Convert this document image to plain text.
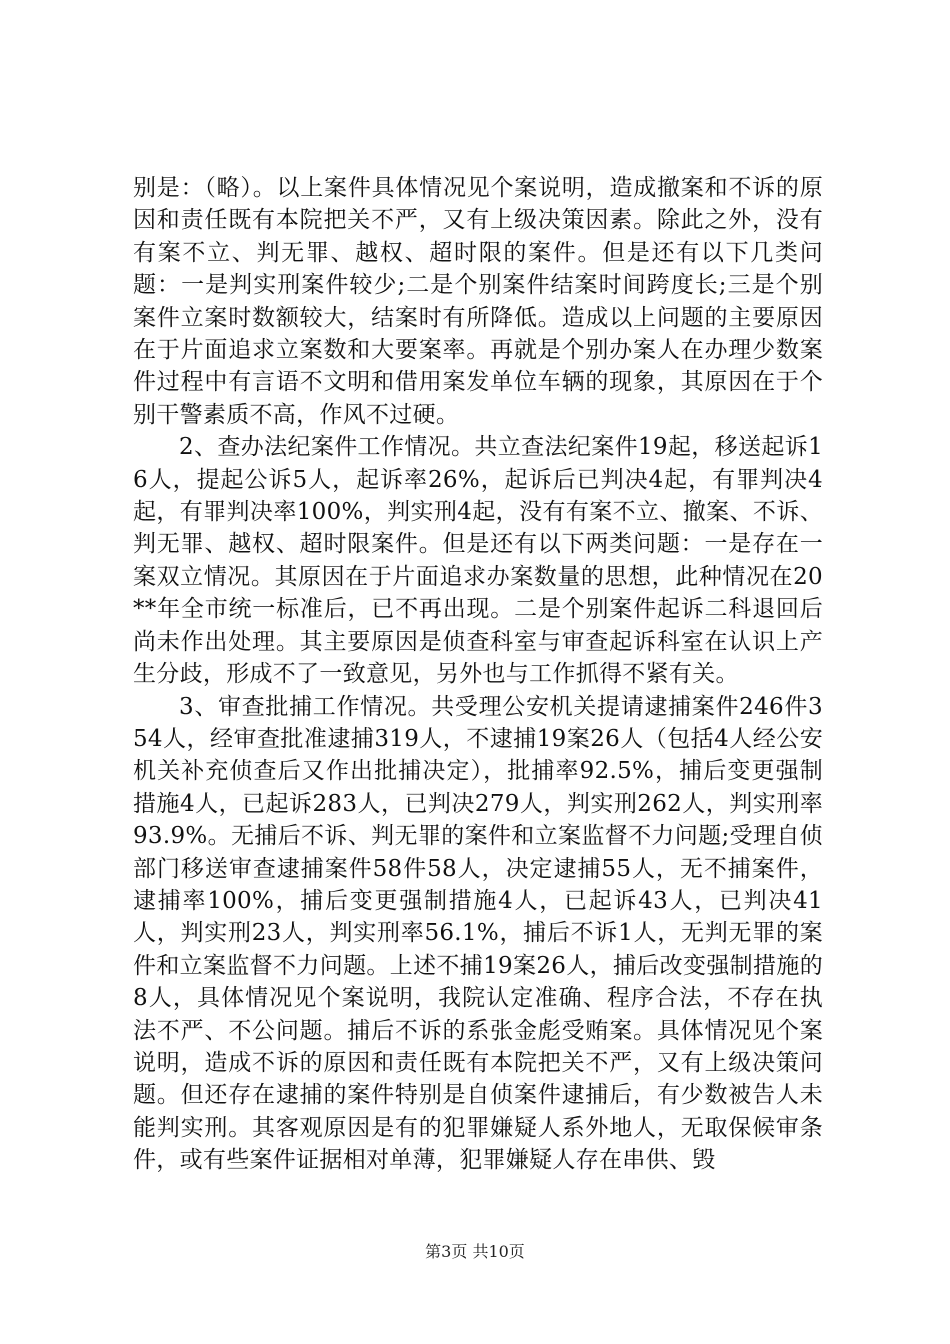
别是：（略）。以上案件具体情况见个案说明，造成撤案和不诉的原因和责任既有本院把关不严，又有上级决策因素。除此之外，没有有案不立、判无罪、越权、超时限的案件。但是还有以下几类问题：一是判实刑案件较少;二是个别案件结案时间跨度长;三是个别案件立案时数额较大，结案时有所降低。造成以上问题的主要原因在于片面追求立案数和大要案率。再就是个别办案人在办理少数案件过程中有言语不文明和借用案发单位车辆的现象，其原因在于个别干警素质不高，作风不过硬。

2、查办法纪案件工作情况。共立查法纪案件19起，移送起诉16人，提起公诉5人，起诉率26%，起诉后已判决4起，有罪判决4起，有罪判决率100%，判实刑4起，没有有案不立、撤案、不诉、判无罪、越权、超时限案件。但是还有以下两类问题：一是存在一案双立情况。其原因在于片面追求办案数量的思想，此种情况在20**年全市统一标准后，已不再出现。二是个别案件起诉二科退回后尚未作出处理。其主要原因是侦查科室与审查起诉科室在认识上产生分歧，形成不了一致意见，另外也与工作抓得不紧有关。

3、审查批捕工作情况。共受理公安机关提请逮捕案件246件354人，经审查批准逮捕319人，不逮捕19案26人（包括4人经公安机关补充侦查后又作出批捕决定），批捕率92.5%，捕后变更强制措施4人，已起诉283人，已判决279人，判实刑262人，判实刑率93.9%。无捕后不诉、判无罪的案件和立案监督不力问题;受理自侦部门移送审查逮捕案件58件58人，决定逮捕55人，无不捕案件，逮捕率100%，捕后变更强制措施4人，已起诉43人，已判决41人，判实刑23人，判实刑率56.1%，捕后不诉1人，无判无罪的案件和立案监督不力问题。上述不捕19案26人，捕后改变强制措施的8人，具体情况见个案说明，我院认定准确、程序合法，不存在执法不严、不公问题。捕后不诉的系张金彪受贿案。具体情况见个案说明，造成不诉的原因和责任既有本院把关不严，又有上级决策问题。但还存在逮捕的案件特别是自侦案件逮捕后，有少数被告人未能判实刑。其客观原因是有的犯罪嫌疑人系外地人，无取保候审条件，或有些案件证据相对单薄，犯罪嫌疑人存在串供、毁

第3页 共10页
